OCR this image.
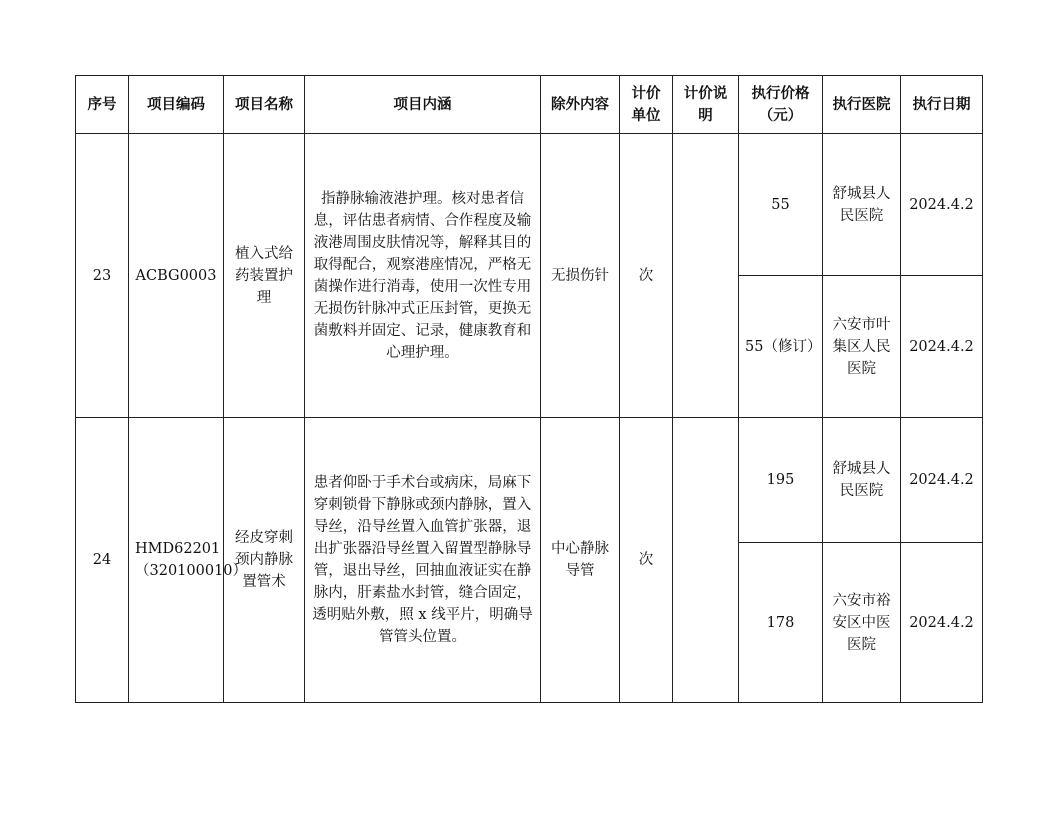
序号	项目编码	项目名称	项目内涵	除外内容	计价单位	计价说明	执行价格（元）	执行医院	执行日期
23	ACBG0003	植入式给药装置护理	指静脉输液港护理。核对患者信息，评估患者病情、合作程度及输液港周围皮肤情况等，解释其目的取得配合，观察港座情况，严格无菌操作进行消毒，使用一次性专用无损伤针脉冲式正压封管，更换无菌敷料并固定、记录，健康教育和心理护理。	无损伤针	次		55	舒城县人民医院	2024.4.2
							55（修订）	六安市叶集区人民医院	2024.4.2
24	HMD62201（320100010）	经皮穿刺颈内静脉置管术	患者仰卧于手术台或病床，局麻下穿刺锁骨下静脉或颈内静脉，置入导丝，沿导丝置入血管扩张器，退出扩张器沿导丝置入留置型静脉导管，退出导丝，回抽血液证实在静脉内，肝素盐水封管，缝合固定，透明贴外敷，照 x 线平片，明确导管管头位置。	中心静脉导管	次		195	舒城县人民医院	2024.4.2
							178	六安市裕安区中医医院	2024.4.2
